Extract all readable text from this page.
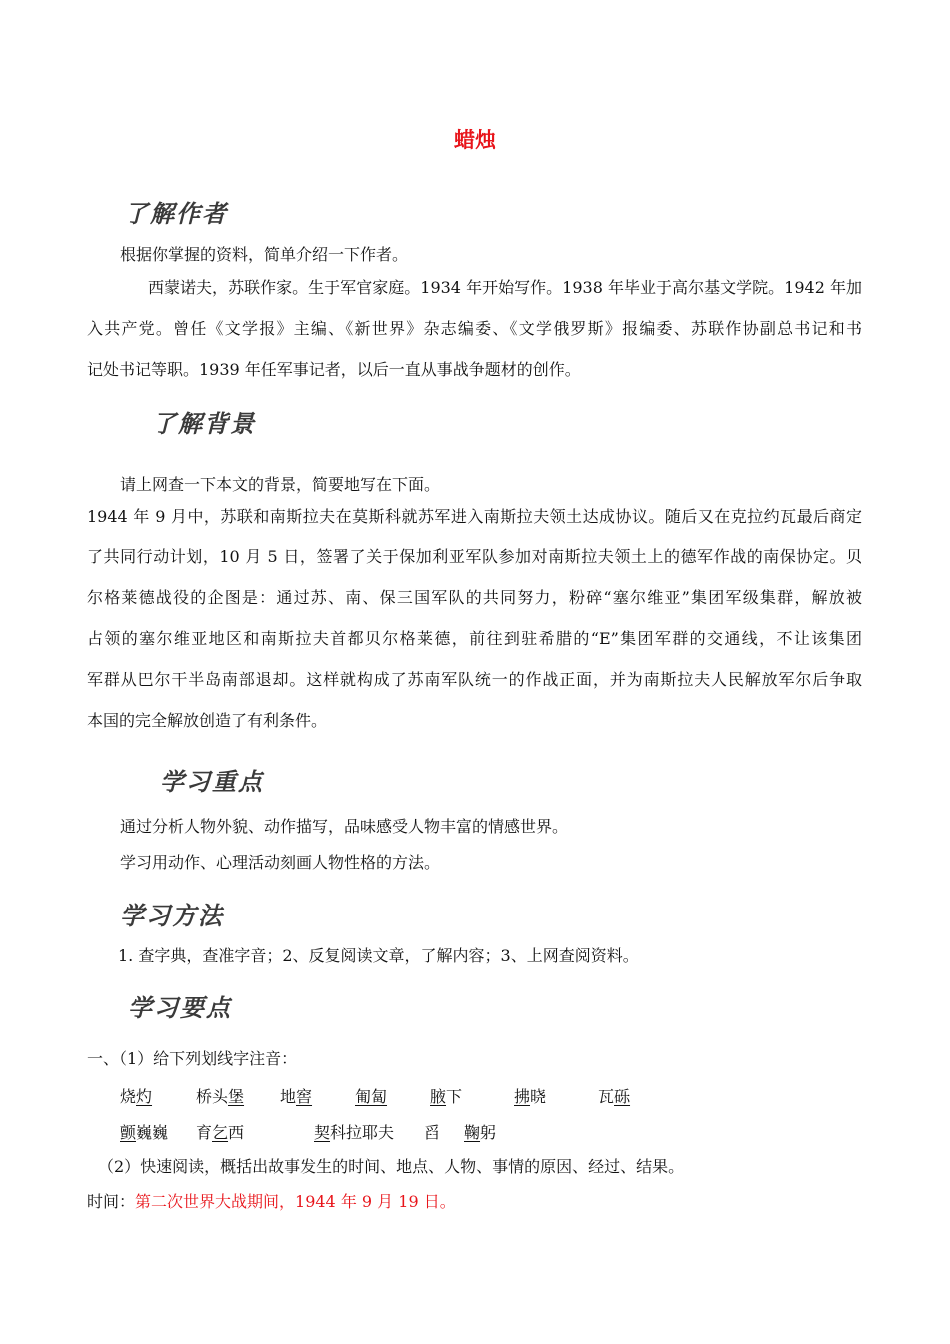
蜡烛
了解作者
根据你掌握的资料，简单介绍一下作者。
西蒙诺夫，苏联作家。生于军官家庭。1934 年开始写作。1938 年毕业于高尔基文学院。1942 年加
入共产党。曾任《文学报》主编、《新世界》杂志编委、《文学俄罗斯》报编委、苏联作协副总书记和书
记处书记等职。1939 年任军事记者，以后一直从事战争题材的创作。
了解背景
请上网查一下本文的背景，简要地写在下面。
1944 年 9 月中，苏联和南斯拉夫在莫斯科就苏军进入南斯拉夫领土达成协议。随后又在克拉约瓦最后商定
了共同行动计划，10 月 5 日，签署了关于保加利亚军队参加对南斯拉夫领土上的德军作战的南保协定。贝
尔格莱德战役的企图是：通过苏、南、保三国军队的共同努力，粉碎“塞尔维亚”集团军级集群，解放被
占领的塞尔维亚地区和南斯拉夫首都贝尔格莱德，前往到驻希腊的“E”集团军群的交通线，不让该集团
军群从巴尔干半岛南部退却。这样就构成了苏南军队统一的作战正面，并为南斯拉夫人民解放军尔后争取
本国的完全解放创造了有利条件。
学习重点
通过分析人物外貌、动作描写，品味感受人物丰富的情感世界。
学习用动作、心理活动刻画人物性格的方法。
学习方法
1. 查字典，查准字音；2、反复阅读文章，了解内容；3、上网查阅资料。
学习要点
一、（1）给下列划线字注音：
烧灼	桥头堡 地窖	匍匐	腋下	拂晓	瓦砾
颤巍巍 育乞西	契科拉耶夫 舀 鞠躬
（2）快速阅读，概括出故事发生的时间、地点、人物、事情的原因、经过、结果。
时间：第二次世界大战期间，1944 年 9 月 19 日。
